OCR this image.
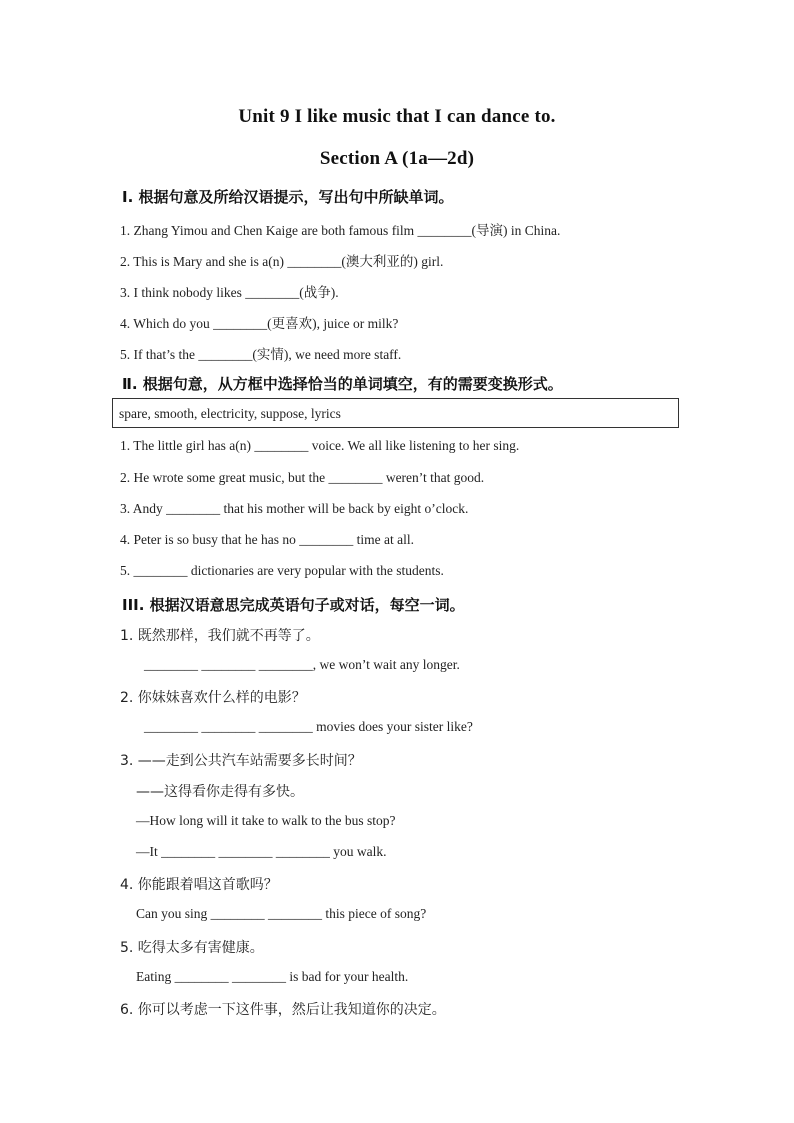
Unit 9 I like music that I can dance to.
Section A (1a—2d)
Ⅰ. 根据句意及所给汉语提示，写出句中所缺单词。
1. Zhang Yimou and Chen Kaige are both famous film ________(导演) in China.
2. This is Mary and she is a(n) ________(澳大利亚的) girl.
3. I think nobody likes ________(战争).
4. Which do you ________(更喜欢), juice or milk?
5. If that’s the ________(实情), we need more staff.
Ⅱ. 根据句意，从方框中选择恰当的单词填空，有的需要变换形式。
spare, smooth, electricity, suppose, lyrics
1. The little girl has a(n) ________ voice. We all like listening to her sing.
2. He wrote some great music, but the ________ weren’t that good.
3. Andy ________ that his mother will be back by eight o’clock.
4. Peter is so busy that he has no ________ time at all.
5. ________ dictionaries are very popular with the students.
III. 根据汉语意思完成英语句子或对话，每空一词。
1. 既然那样，我们就不再等了。
________ ________ ________, we won’t wait any longer.
2. 你妹妹喜欢什么样的电影？
________ ________ ________ movies does your sister like?
3. ——走到公共汽车站需要多长时间？
——这得看你走得有多快。
—How long will it take to walk to the bus stop?
—It ________ ________ ________ you walk.
4. 你能跟着唱这首歌吗？
Can you sing ________ ________ this piece of song?
5. 吃得太多有害健康。
Eating ________ ________ is bad for your health.
6. 你可以考虑一下这件事，然后让我知道你的决定。
